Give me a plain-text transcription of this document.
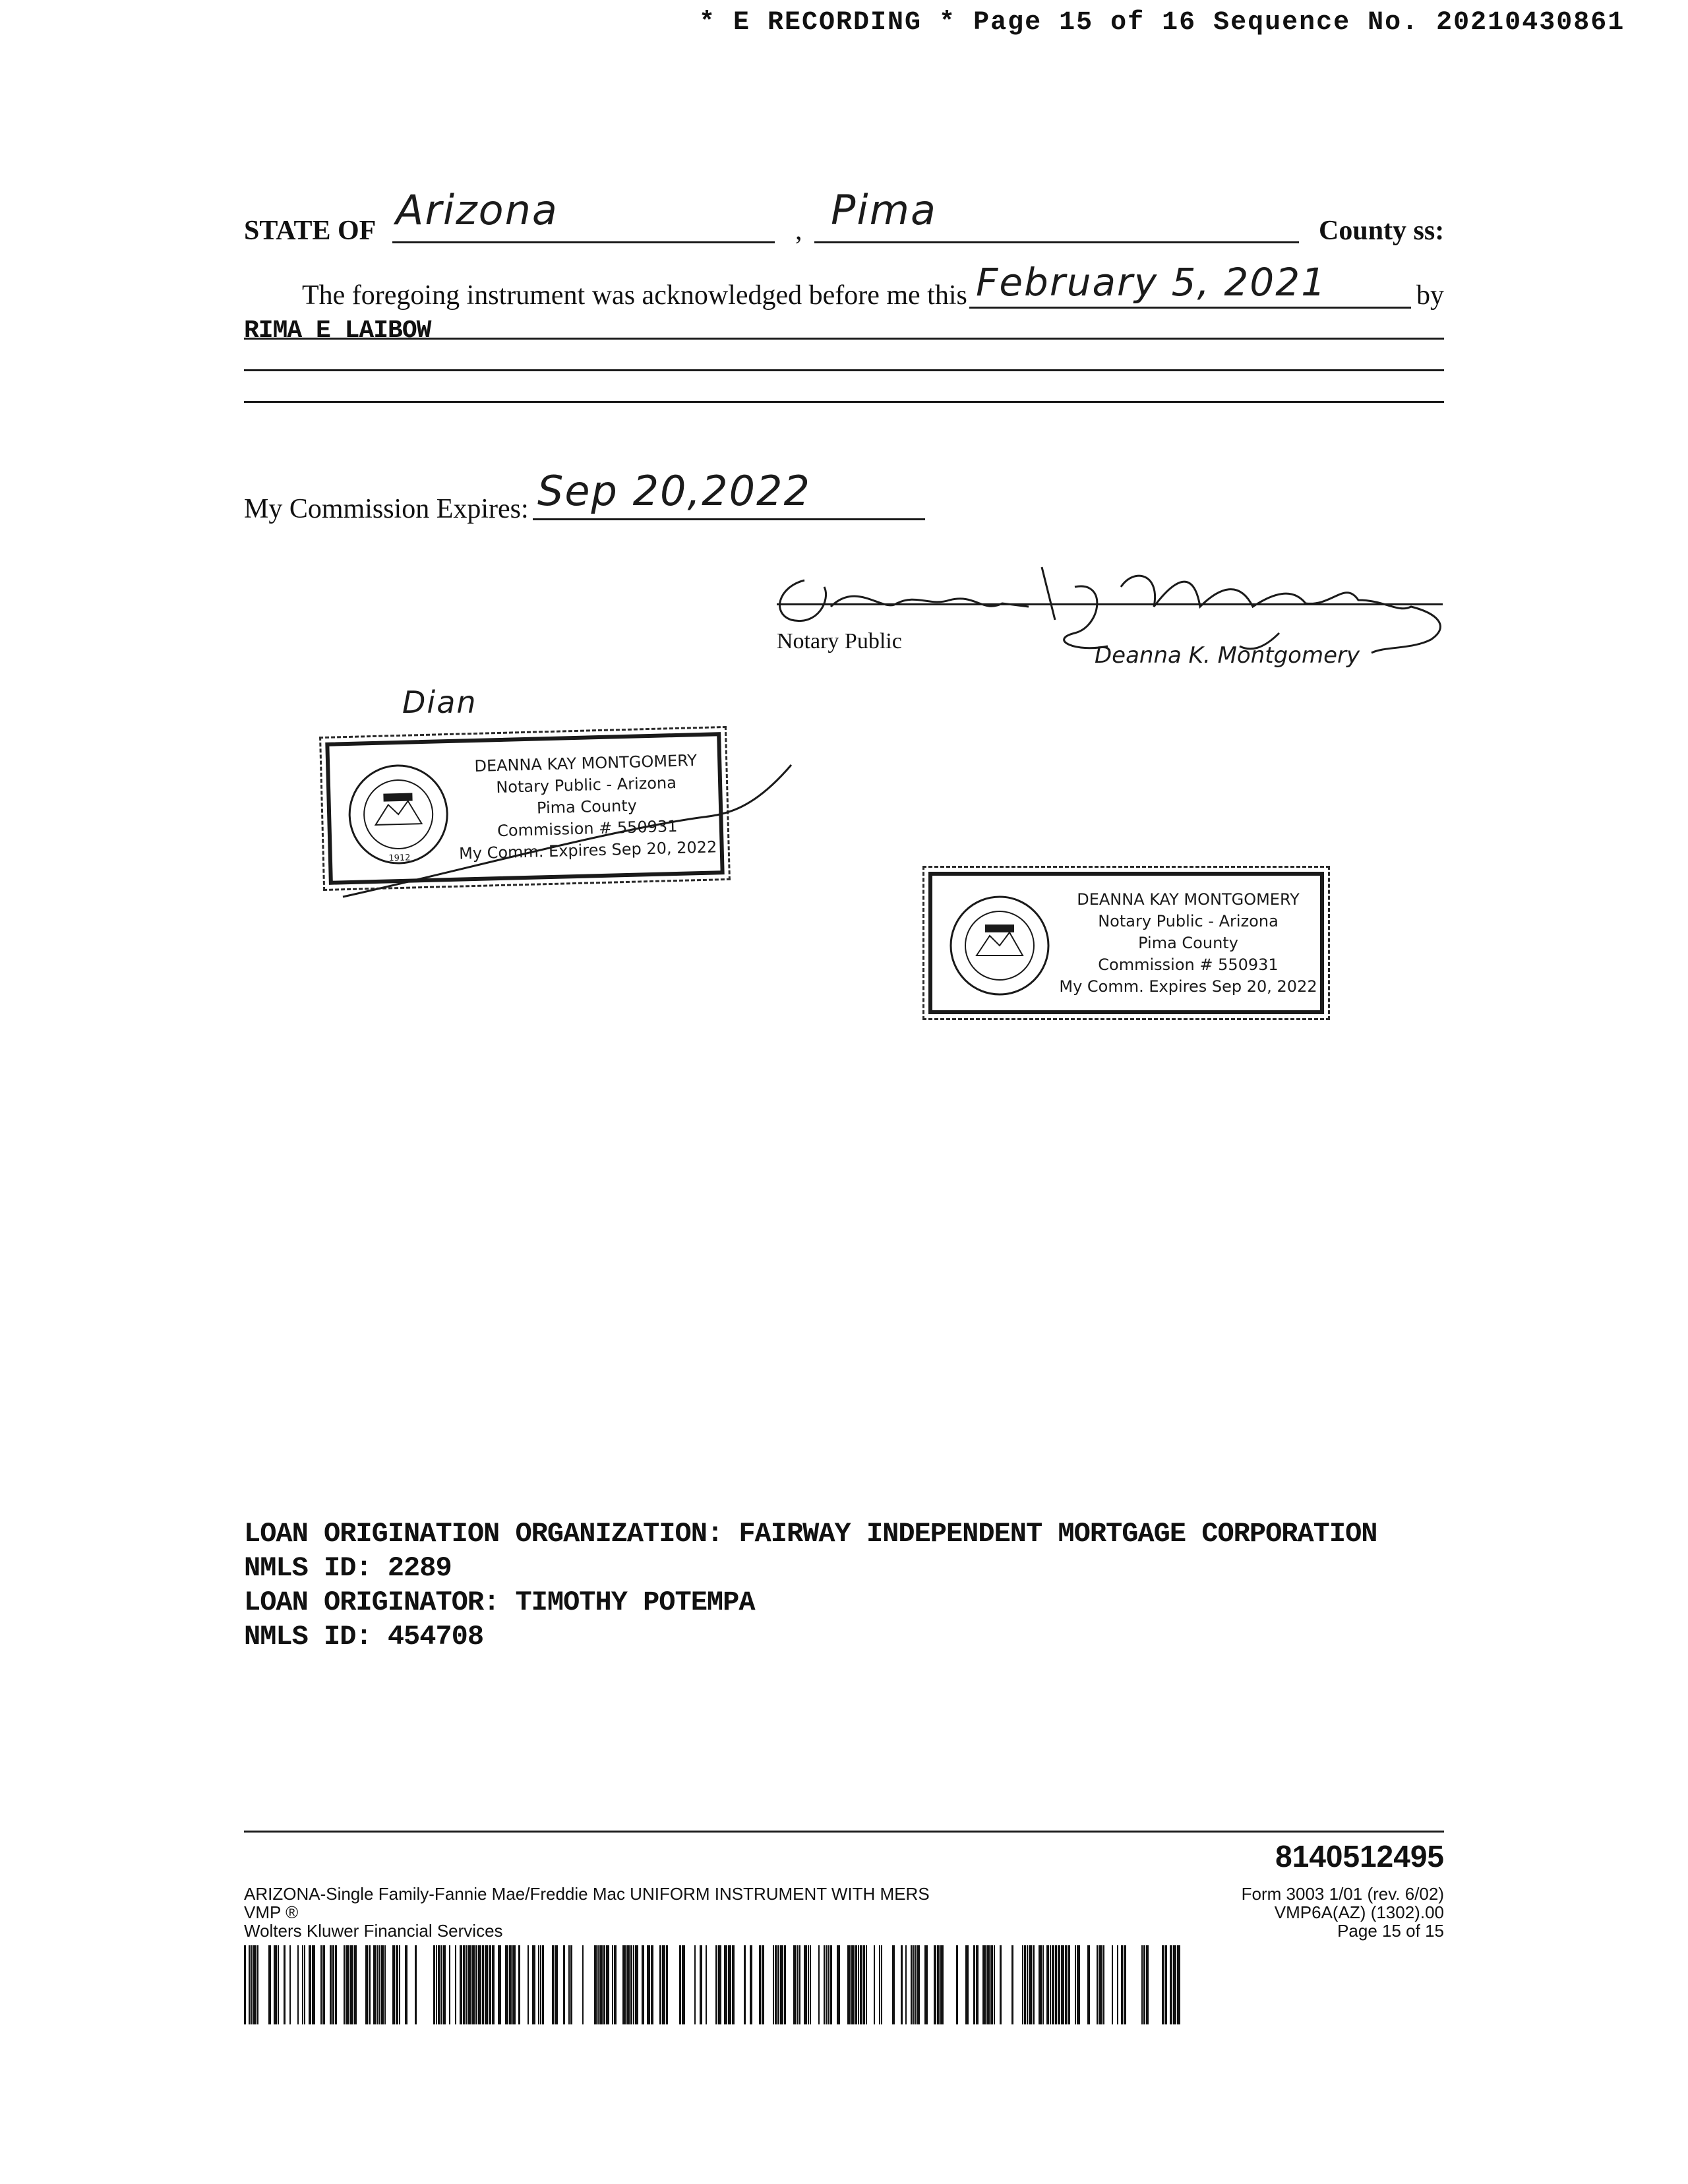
* E RECORDING * Page 15 of 16 Sequence No. 20210430861
STATE OF Arizona	, Pima	County ss:
The foregoing instrument was acknowledged before me this February 5, 2021	by
RIMA E LAIBOW
My Commission Expires: Sep 20,2022
Deanna K. Montgomery
Notary Public
Dian
1912
DEANNA KAY MONTGOMERY
Notary Public - Arizona
Pima County
Commission # 550931
My Comm. Expires Sep 20, 2022
DEANNA KAY MONTGOMERY
Notary Public - Arizona
Pima County
Commission # 550931
My Comm. Expires Sep 20, 2022
LOAN ORIGINATION ORGANIZATION: FAIRWAY INDEPENDENT MORTGAGE CORPORATION
NMLS ID: 2289
LOAN ORIGINATOR: TIMOTHY POTEMPA
NMLS ID: 454708
8140512495
ARIZONA-Single Family-Fannie Mae/Freddie Mac UNIFORM INSTRUMENT WITH MERS
VMP ®
Wolters Kluwer Financial Services
Form 3003 1/01 (rev. 6/02)
VMP6A(AZ) (1302).00
Page 15 of 15
